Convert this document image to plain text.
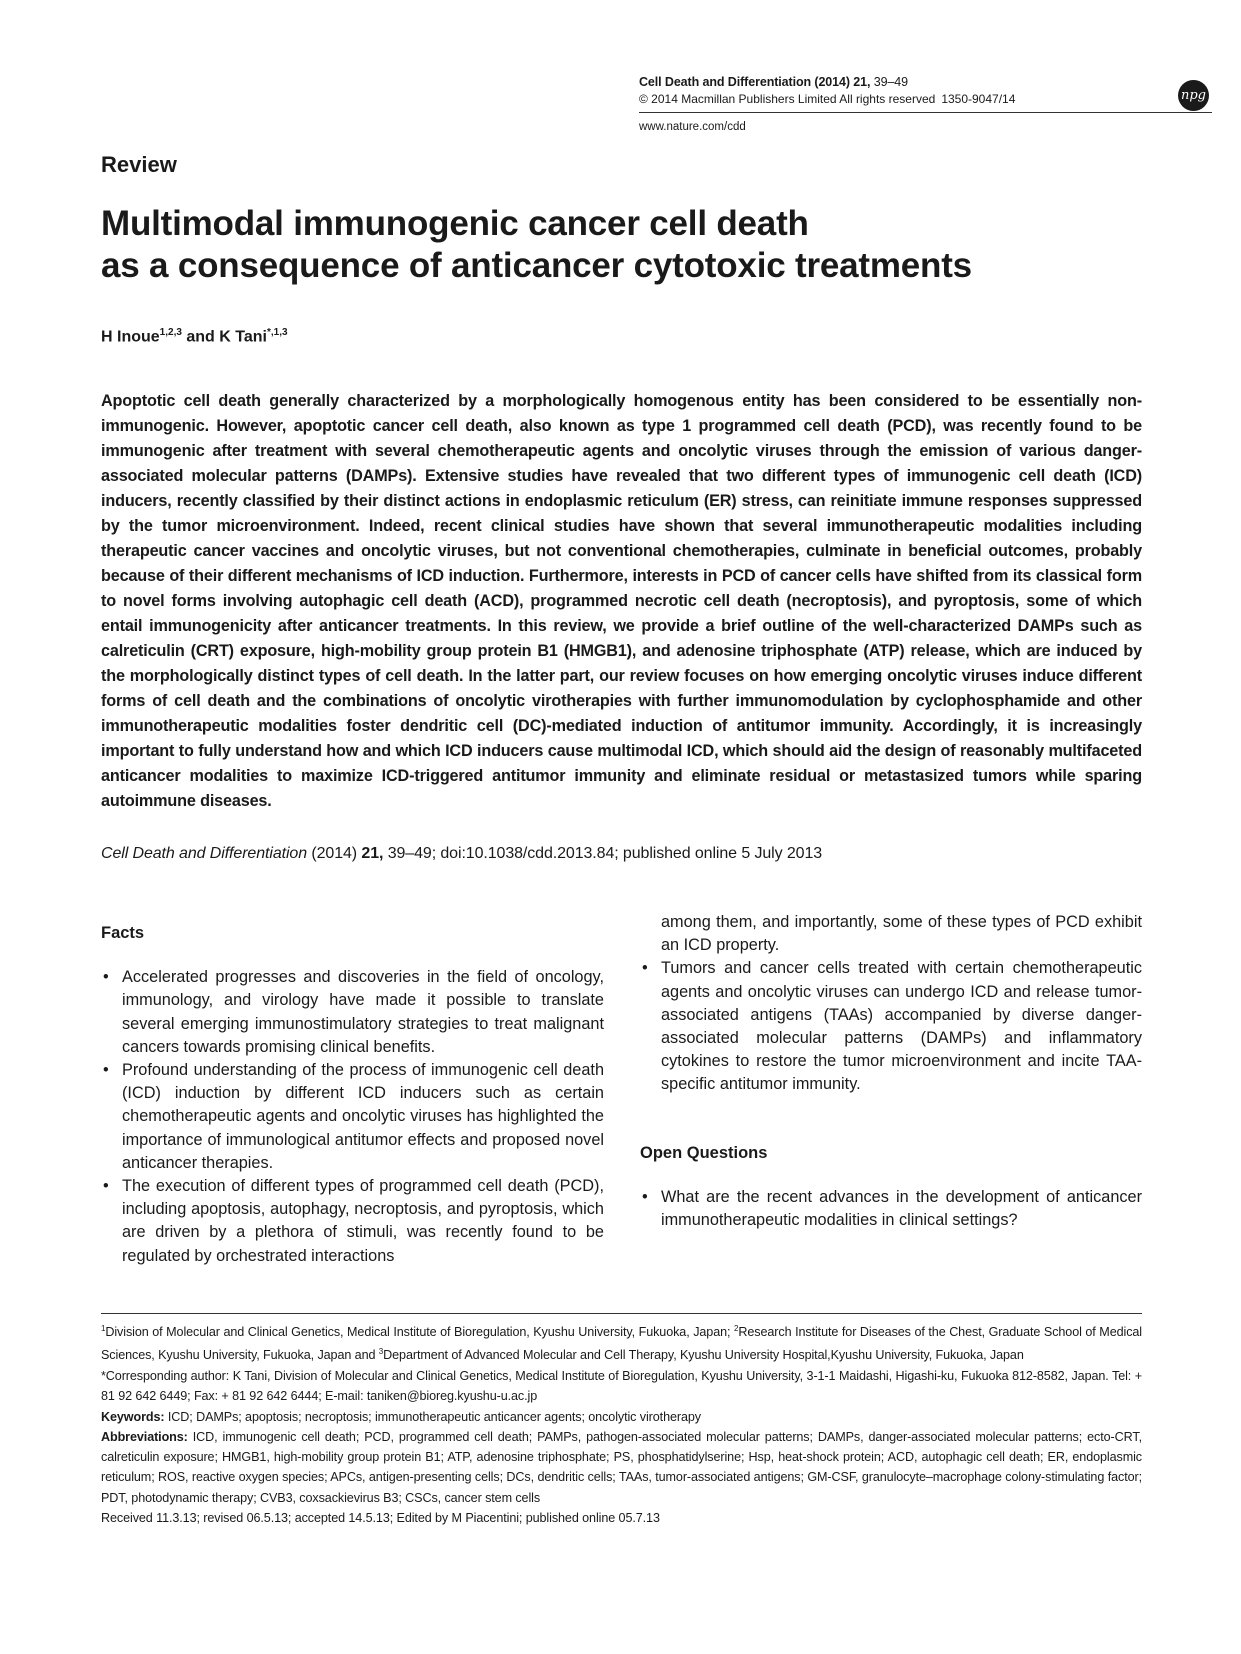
Cell Death and Differentiation (2014) 21, 39–49
© 2014 Macmillan Publishers Limited All rights reserved 1350-9047/14
www.nature.com/cdd
npg
Review
Multimodal immunogenic cancer cell death
as a consequence of anticancer cytotoxic treatments
H Inoue$^{1,2,3}$ and K Tani$^{*,1,3}$
Apoptotic cell death generally characterized by a morphologically homogenous entity has been considered to be essentially non-immunogenic. However, apoptotic cancer cell death, also known as type 1 programmed cell death (PCD), was recently found to be immunogenic after treatment with several chemotherapeutic agents and oncolytic viruses through the emission of various danger-associated molecular patterns (DAMPs). Extensive studies have revealed that two different types of immunogenic cell death (ICD) inducers, recently classified by their distinct actions in endoplasmic reticulum (ER) stress, can reinitiate immune responses suppressed by the tumor microenvironment. Indeed, recent clinical studies have shown that several immunotherapeutic modalities including therapeutic cancer vaccines and oncolytic viruses, but not conventional chemotherapies, culminate in beneficial outcomes, probably because of their different mechanisms of ICD induction. Furthermore, interests in PCD of cancer cells have shifted from its classical form to novel forms involving autophagic cell death (ACD), programmed necrotic cell death (necroptosis), and pyroptosis, some of which entail immunogenicity after anticancer treatments. In this review, we provide a brief outline of the well-characterized DAMPs such as calreticulin (CRT) exposure, high-mobility group protein B1 (HMGB1), and adenosine triphosphate (ATP) release, which are induced by the morphologically distinct types of cell death. In the latter part, our review focuses on how emerging oncolytic viruses induce different forms of cell death and the combinations of oncolytic virotherapies with further immunomodulation by cyclophosphamide and other immunotherapeutic modalities foster dendritic cell (DC)-mediated induction of antitumor immunity. Accordingly, it is increasingly important to fully understand how and which ICD inducers cause multimodal ICD, which should aid the design of reasonably multifaceted anticancer modalities to maximize ICD-triggered antitumor immunity and eliminate residual or metastasized tumors while sparing autoimmune diseases.
Cell Death and Differentiation (2014) 21, 39–49; doi:10.1038/cdd.2013.84; published online 5 July 2013
Facts
• Accelerated progresses and discoveries in the field of oncology, immunology, and virology have made it possible to translate several emerging immunostimulatory strategies to treat malignant cancers towards promising clinical benefits.
• Profound understanding of the process of immunogenic cell death (ICD) induction by different ICD inducers such as certain chemotherapeutic agents and oncolytic viruses has highlighted the importance of immunological antitumor effects and proposed novel anticancer therapies.
• The execution of different types of programmed cell death (PCD), including apoptosis, autophagy, necroptosis, and pyroptosis, which are driven by a plethora of stimuli, was recently found to be regulated by orchestrated interactions
among them, and importantly, some of these types of PCD exhibit an ICD property.
• Tumors and cancer cells treated with certain chemotherapeutic agents and oncolytic viruses can undergo ICD and release tumor-associated antigens (TAAs) accompanied by diverse danger-associated molecular patterns (DAMPs) and inflammatory cytokines to restore the tumor microenvironment and incite TAA-specific antitumor immunity.
Open Questions
• What are the recent advances in the development of anticancer immunotherapeutic modalities in clinical settings?

$^1$Division of Molecular and Clinical Genetics, Medical Institute of Bioregulation, Kyushu University, Fukuoka, Japan; $^2$Research Institute for Diseases of the Chest, Graduate School of Medical Sciences, Kyushu University, Fukuoka, Japan and $^3$Department of Advanced Molecular and Cell Therapy, Kyushu University Hospital,Kyushu University, Fukuoka, Japan

*Corresponding author: K Tani, Division of Molecular and Clinical Genetics, Medical Institute of Bioregulation, Kyushu University, 3-1-1 Maidashi, Higashi-ku, Fukuoka 812-8582, Japan. Tel: + 81 92 642 6449; Fax: + 81 92 642 6444; E-mail: taniken@bioreg.kyushu-u.ac.jp

Keywords: ICD; DAMPs; apoptosis; necroptosis; immunotherapeutic anticancer agents; oncolytic virotherapy

Abbreviations: ICD, immunogenic cell death; PCD, programmed cell death; PAMPs, pathogen-associated molecular patterns; DAMPs, danger-associated molecular patterns; ecto-CRT, calreticulin exposure; HMGB1, high-mobility group protein B1; ATP, adenosine triphosphate; PS, phosphatidylserine; Hsp, heat-shock protein; ACD, autophagic cell death; ER, endoplasmic reticulum; ROS, reactive oxygen species; APCs, antigen-presenting cells; DCs, dendritic cells; TAAs, tumor-associated antigens; GM-CSF, granulocyte–macrophage colony-stimulating factor; PDT, photodynamic therapy; CVB3, coxsackievirus B3; CSCs, cancer stem cells

Received 11.3.13; revised 06.5.13; accepted 14.5.13; Edited by M Piacentini; published online 05.7.13
